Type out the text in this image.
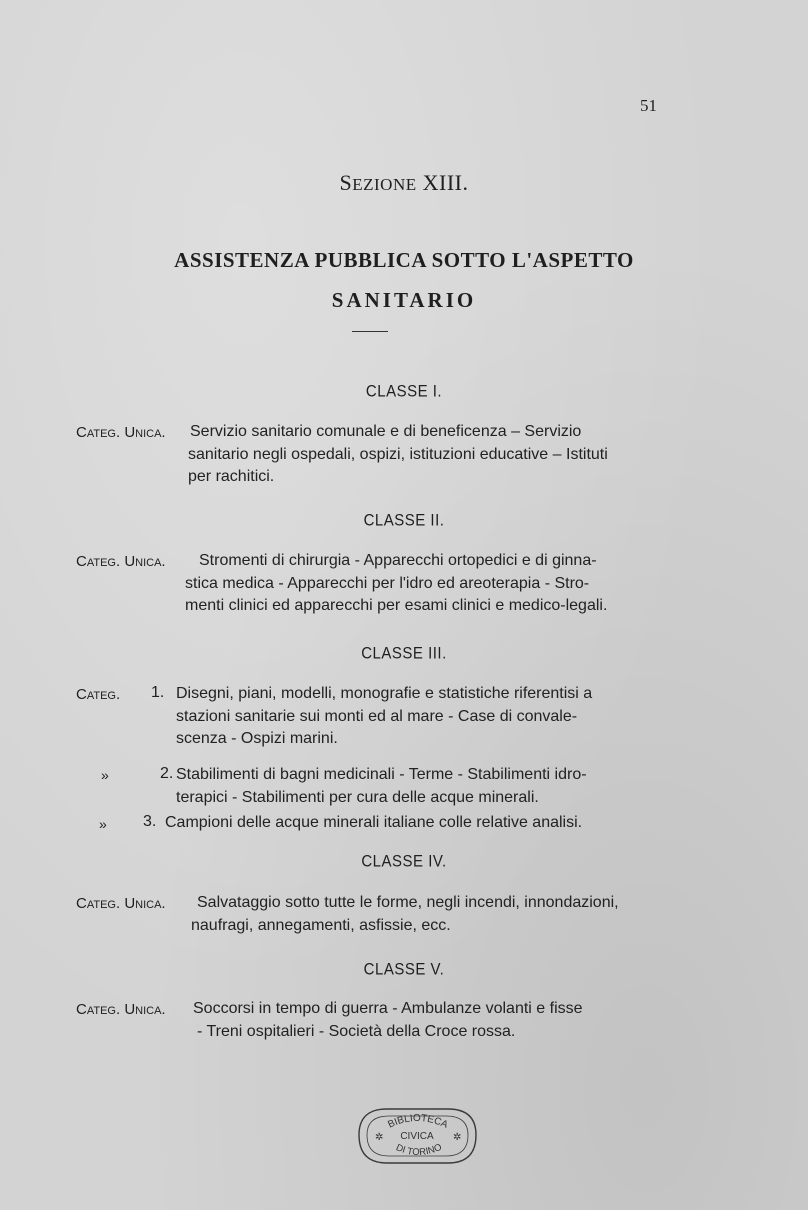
51
SEZIONE XIII.
ASSISTENZA PUBBLICA SOTTO L'ASPETTO
SANITARIO
CLASSE I.
Categ. Unica. Servizio sanitario comunale e di beneficenza – Servizio
sanitario negli ospedali, ospizi, istituzioni educative – Istituti
per rachitici.
CLASSE II.
Categ. Unica.	Stromenti di chirurgia - Apparecchi ortopedici e di ginna-
stica medica - Apparecchi per l'idro ed areoterapia - Stro-
menti clinici ed apparecchi per esami clinici e medico-legali.
CLASSE III.
Categ. 1. Disegni, piani, modelli, monografie e statistiche riferentisi a
stazioni sanitarie sui monti ed al mare - Case di convale-
scenza - Ospizi marini.
»	2. Stabilimenti di bagni medicinali - Terme - Stabilimenti idro-
terapici - Stabilimenti per cura delle acque minerali.
» 3. Campioni delle acque minerali italiane colle relative analisi.
CLASSE IV.
Categ. Unica. Salvataggio sotto tutte le forme, negli incendi, innondazioni,
naufragi, annegamenti, asfissie, ecc.
CLASSE V.
Categ. Unica. Soccorsi in tempo di guerra - Ambulanze volanti e fisse
- Treni ospitalieri - Società della Croce rossa.
BIBLIOTECA
CIVICA
DI TORINO
✲	✲
